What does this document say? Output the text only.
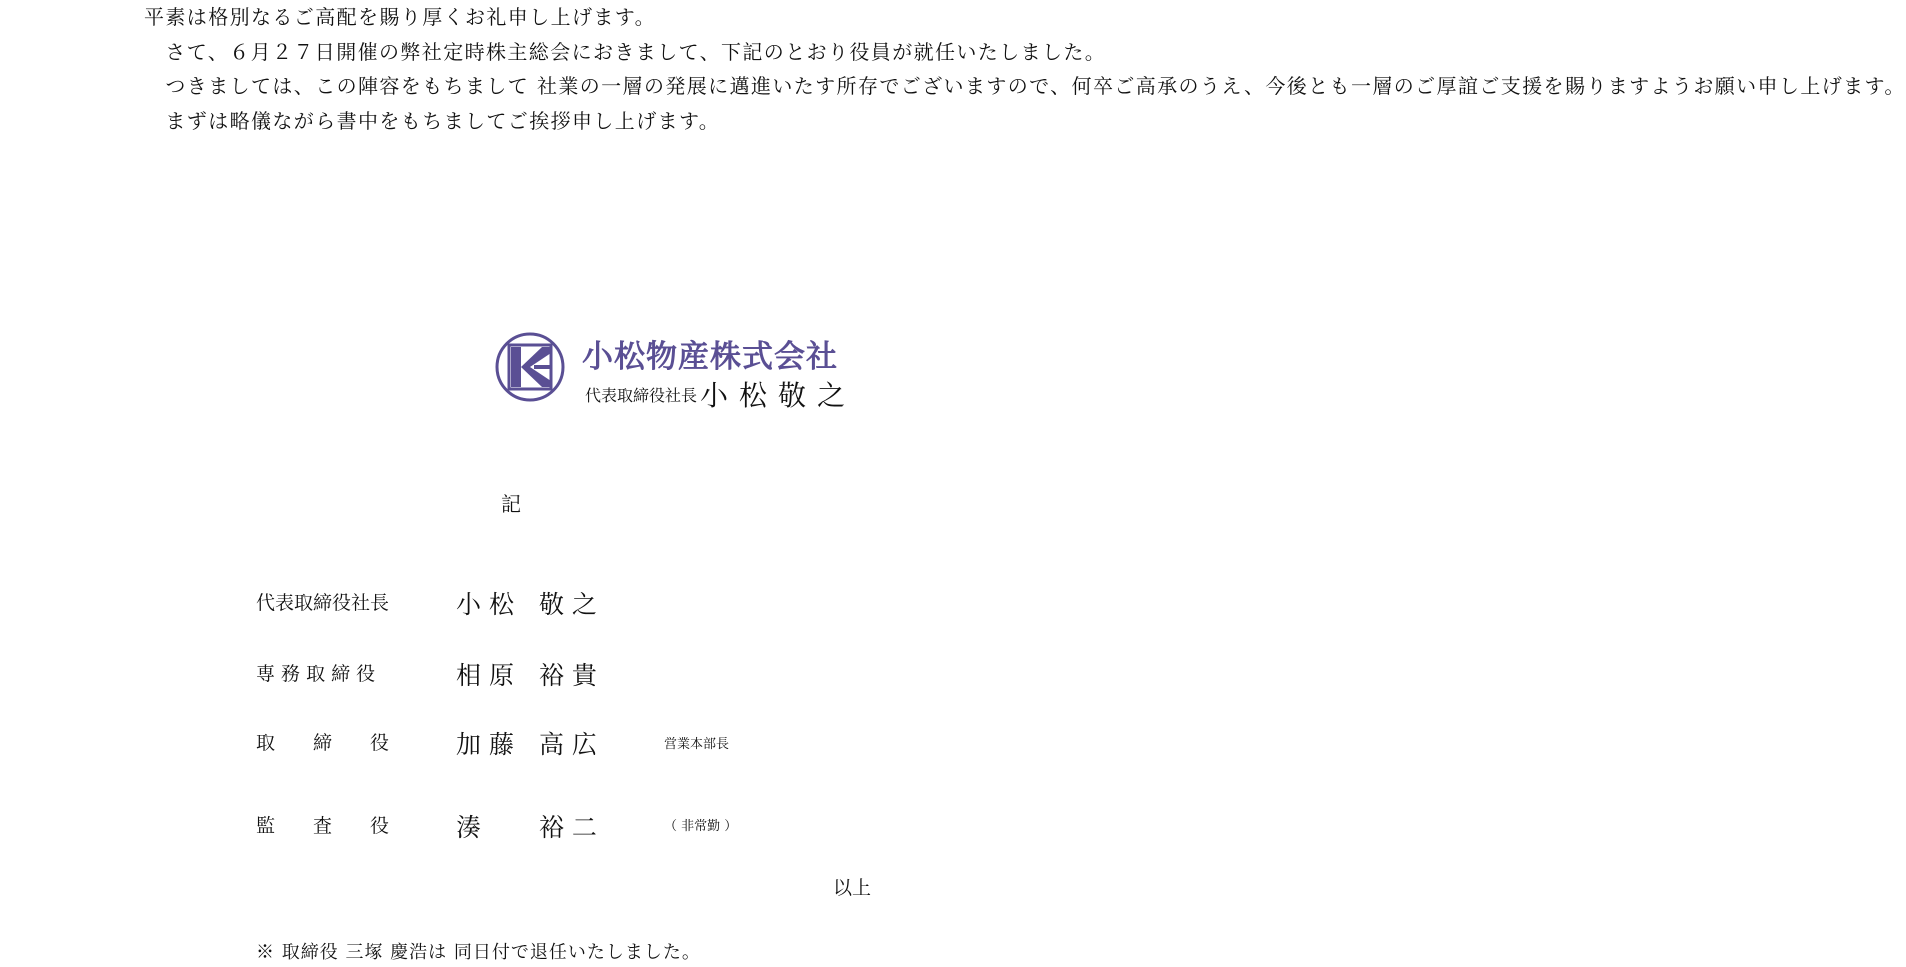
平素は格別なるご高配を賜り厚くお礼申し上げます。

　さて、６月２７日開催の弊社定時株主総会におきまして、下記のとおり役員が就任いたしました。

　つきましては、この陣容をもちまして 社業の一層の発展に邁進いたす所存でございますので、何卒ご高承のうえ、今後とも一層のご厚誼ご支援を賜りますようお願い申し上げます。

　まずは略儀ながら書中をもちましてご挨拶申し上げます。

小松物産株式会社
代表取締役社長 小松敬之
記
代表取締役社長	小 松　敬 之
専 務 取 締 役	相 原　裕 貴
取　　締　　役	加 藤　高 広	営業本部長
監　　査　　役	湊　　 裕 二	（ 非常勤 ）
以上
※ 取締役 三塚 慶浩は 同日付で退任いたしました。
